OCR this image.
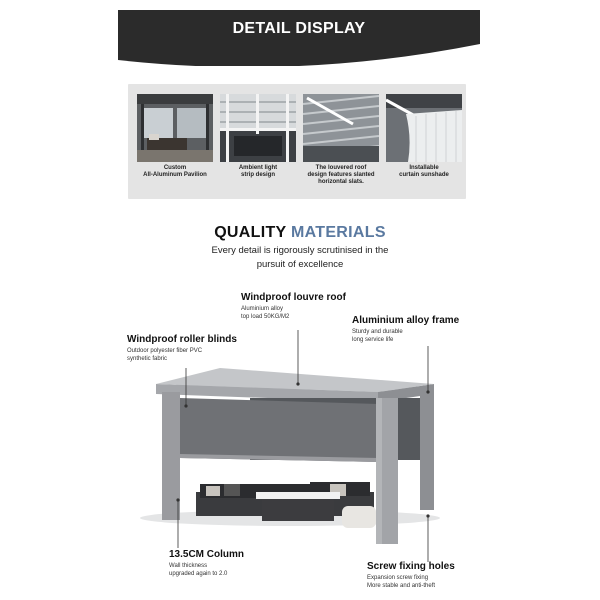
DETAIL DISPLAY
Custom
All-Aluminum Pavilion
Ambient light
strip design
The louvered roof
design features slanted
horizontal slats.
Installable
curtain sunshade
QUALITY MATERIALS
Every detail is rigorously scrutinised in the
pursuit of excellence
Windproof louvre roof
Aluminium alloy
top load 50KG/M2	Aluminium alloy frame
Sturdy and durable
long service life
Windproof roller blinds
Outdoor polyester fiber PVC
synthetic fabric
13.5CM Column
Wall thickness
upgraded again to 2.0
Screw fixing holes
Expansion screw fixing
More stable and anti-theft
